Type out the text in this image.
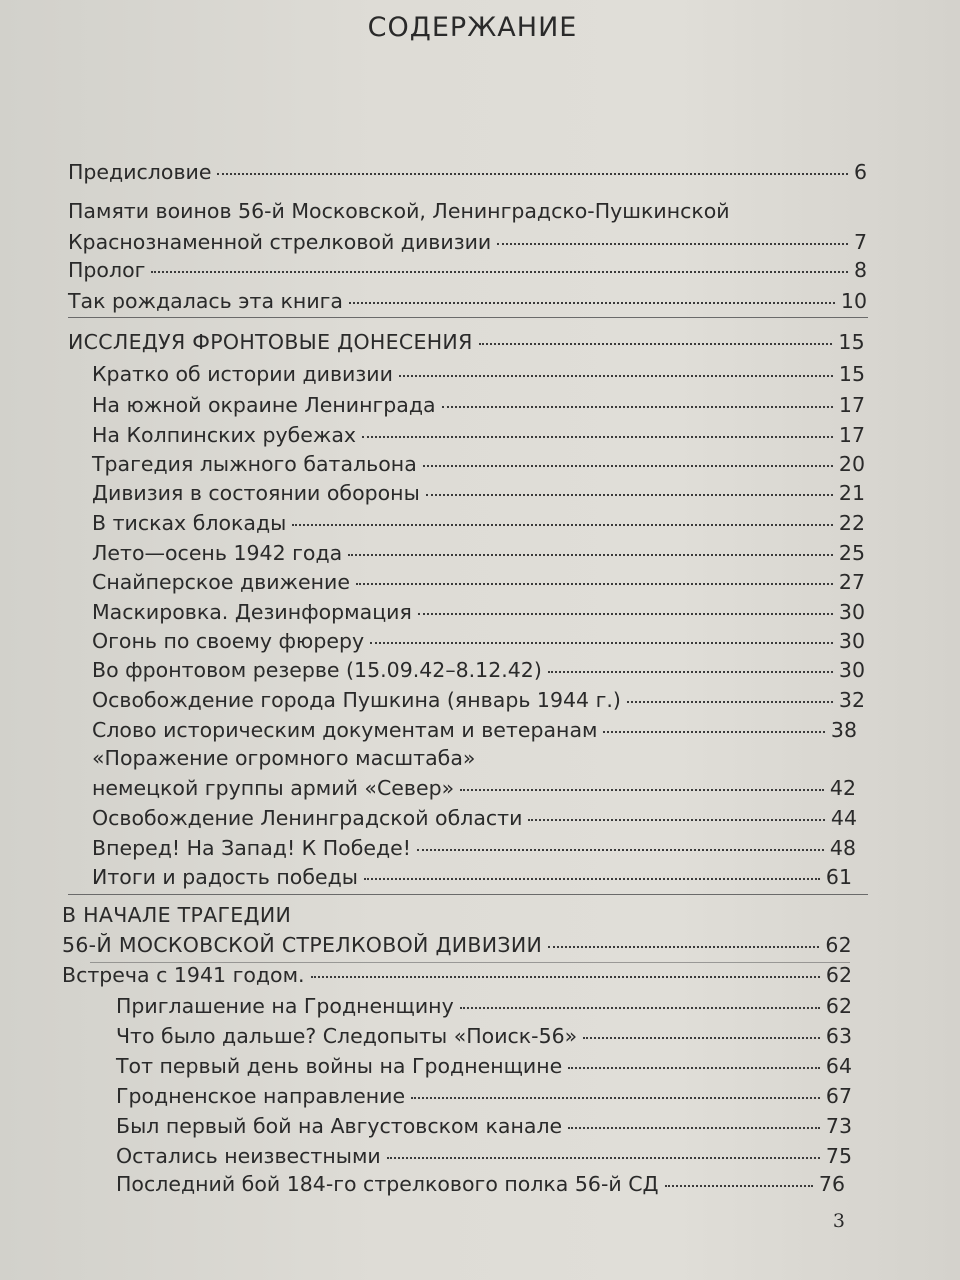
СОДЕРЖАНИЕ
Предисловие	6
Памяти воинов 56-й Московской, Ленинградско-Пушкинской
Краснознаменной стрелковой дивизии	7
Пролог	8
Так рождалась эта книга	10
ИССЛЕДУЯ ФРОНТОВЫЕ ДОНЕСЕНИЯ	15
Кратко об истории дивизии	15
На южной окраине Ленинграда	17
На Колпинских рубежах	17
Трагедия лыжного батальона	20
Дивизия в состоянии обороны	21
В тисках блокады	22
Лето—осень 1942 года	25
Снайперское движение	27
Маскировка. Дезинформация	30
Огонь по своему фюреру	30
Во фронтовом резерве (15.09.42–8.12.42)	30
Освобождение города Пушкина (январь 1944 г.)	32
Слово историческим документам и ветеранам	38
«Поражение огромного масштаба»
немецкой группы армий «Север»	42
Освобождение Ленинградской области	44
Вперед! На Запад! К Победе!	48
Итоги и радость победы	61
В НАЧАЛЕ ТРАГЕДИИ
56-Й МОСКОВСКОЙ СТРЕЛКОВОЙ ДИВИЗИИ	62
Встреча с 1941 годом.	62
Приглашение на Гродненщину	62
Что было дальше? Следопыты «Поиск-56»	63
Тот первый день войны на Гродненщине	64
Гродненское направление	67
Был первый бой на Августовском канале	73
Остались неизвестными	75
Последний бой 184-го стрелкового полка 56-й СД	76
3
